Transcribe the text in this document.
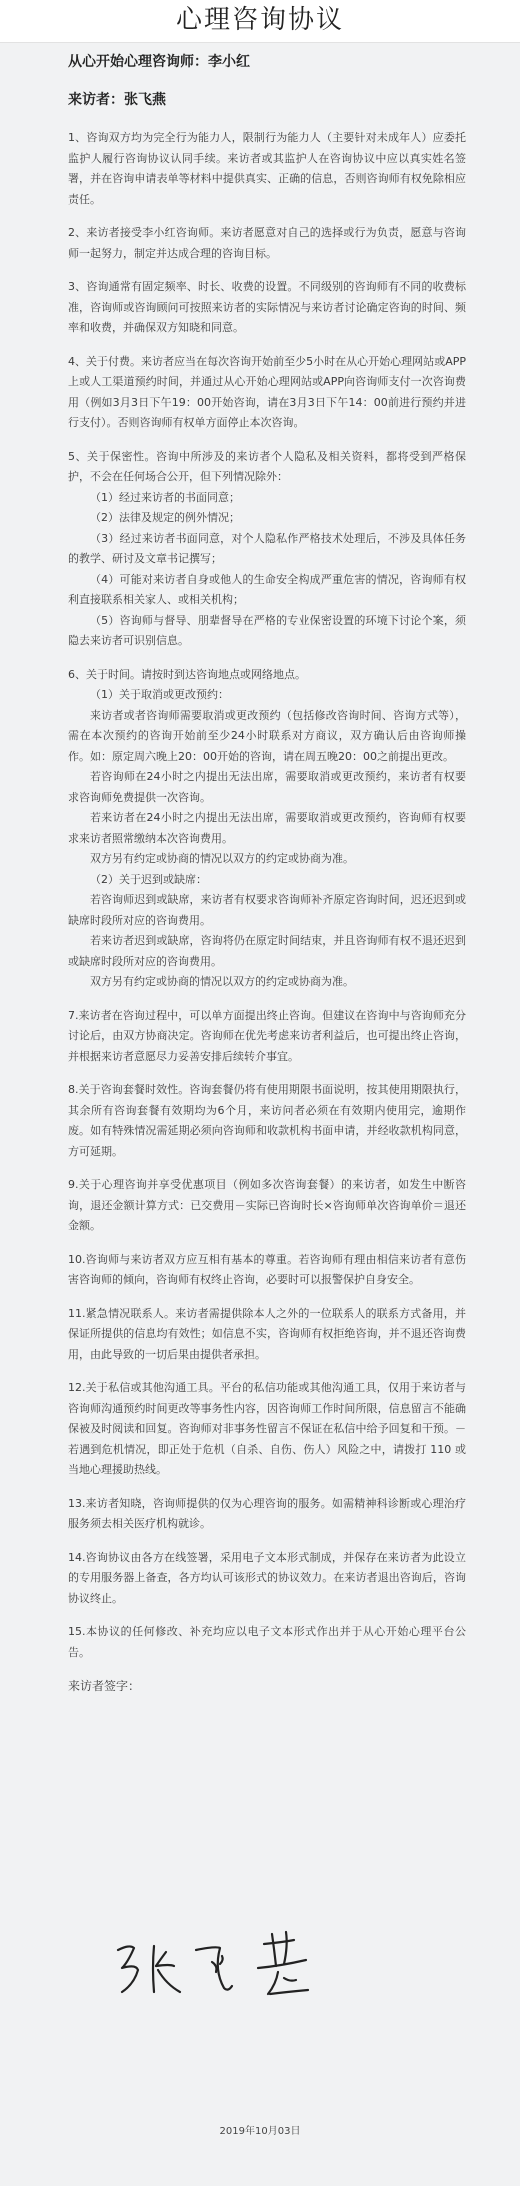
心理咨询协议
从心开始心理咨询师：李小红
来访者：张飞燕
1、咨询双方均为完全行为能力人，限制行为能力人（主要针对未成年人）应委托监护人履行咨询协议认同手续。来访者或其监护人在咨询协议中应以真实姓名签署，并在咨询申请表单等材料中提供真实、正确的信息，否则咨询师有权免除相应责任。
2、来访者接受李小红咨询师。来访者愿意对自己的选择或行为负责，愿意与咨询师一起努力，制定并达成合理的咨询目标。
3、咨询通常有固定频率、时长、收费的设置。不同级别的咨询师有不同的收费标准，咨询师或咨询顾问可按照来访者的实际情况与来访者讨论确定咨询的时间、频率和收费，并确保双方知晓和同意。
4、关于付费。来访者应当在每次咨询开始前至少5小时在从心开始心理网站或APP上或人工渠道预约时间，并通过从心开始心理网站或APP向咨询师支付一次咨询费用（例如3月3日下午19：00开始咨询，请在3月3日下午14：00前进行预约并进行支付）。否则咨询师有权单方面停止本次咨询。

5、关于保密性。咨询中所涉及的来访者个人隐私及相关资料，都将受到严格保护，不会在任何场合公开，但下列情况除外：

（1）经过来访者的书面同意；

（2）法律及规定的例外情况；

（3）经过来访者书面同意，对个人隐私作严格技术处理后，不涉及具体任务的教学、研讨及文章书记撰写；

（4）可能对来访者自身或他人的生命安全构成严重危害的情况，咨询师有权利直接联系相关家人、或相关机构；

（5）咨询师与督导、朋辈督导在严格的专业保密设置的环境下讨论个案，须隐去来访者可识别信息。

6、关于时间。请按时到达咨询地点或网络地点。

（1）关于取消或更改预约：

来访者或者咨询师需要取消或更改预约（包括修改咨询时间、咨询方式等），需在本次预约的咨询开始前至少24小时联系对方商议，双方确认后由咨询师操作。如：原定周六晚上20：00开始的咨询，请在周五晚20：00之前提出更改。

若咨询师在24小时之内提出无法出席，需要取消或更改预约，来访者有权要求咨询师免费提供一次咨询。

若来访者在24小时之内提出无法出席，需要取消或更改预约，咨询师有权要求来访者照常缴纳本次咨询费用。

双方另有约定或协商的情况以双方的约定或协商为准。

（2）关于迟到或缺席：

若咨询师迟到或缺席，来访者有权要求咨询师补齐原定咨询时间，迟还迟到或缺席时段所对应的咨询费用。

若来访者迟到或缺席，咨询将仍在原定时间结束，并且咨询师有权不退还迟到或缺席时段所对应的咨询费用。

双方另有约定或协商的情况以双方的约定或协商为准。

7.来访者在咨询过程中，可以单方面提出终止咨询。但建议在咨询中与咨询师充分讨论后，由双方协商决定。咨询师在优先考虑来访者利益后，也可提出终止咨询，并根据来访者意愿尽力妥善安排后续转介事宜。
8.关于咨询套餐时效性。咨询套餐仍将有使用期限书面说明，按其使用期限执行，其余所有咨询套餐有效期均为6个月，来访问者必须在有效期内使用完，逾期作废。如有特殊情况需延期必须向咨询师和收款机构书面申请，并经收款机构同意，方可延期。
9.关于心理咨询并享受优惠项目（例如多次咨询套餐）的来访者，如发生中断咨询，退还金额计算方式：已交费用－实际已咨询时长×咨询师单次咨询单价＝退还金额。
10.咨询师与来访者双方应互相有基本的尊重。若咨询师有理由相信来访者有意伤害咨询师的倾向，咨询师有权终止咨询，必要时可以报警保护自身安全。
11.紧急情况联系人。来访者需提供除本人之外的一位联系人的联系方式备用，并保证所提供的信息均有效性；如信息不实，咨询师有权拒绝咨询，并不退还咨询费用，由此导致的一切后果由提供者承担。
12.关于私信或其他沟通工具。平台的私信功能或其他沟通工具，仅用于来访者与咨询师沟通预约时间更改等事务性内容，因咨询师工作时间所限，信息留言不能确保被及时阅读和回复。咨询师对非事务性留言不保证在私信中给予回复和干预。－若遇到危机情况，即正处于危机（自杀、自伤、伤人）风险之中，请拨打 110 或当地心理援助热线。
13.来访者知晓，咨询师提供的仅为心理咨询的服务。如需精神科诊断或心理治疗服务须去相关医疗机构就诊。
14.咨询协议由各方在线签署，采用电子文本形式制成，并保存在来访者为此设立的专用服务器上备查，各方均认可该形式的协议效力。在来访者退出咨询后，咨询协议终止。
15.本协议的任何修改、补充均应以电子文本形式作出并于从心开始心理平台公告。
来访者签字：
2019年10月03日
